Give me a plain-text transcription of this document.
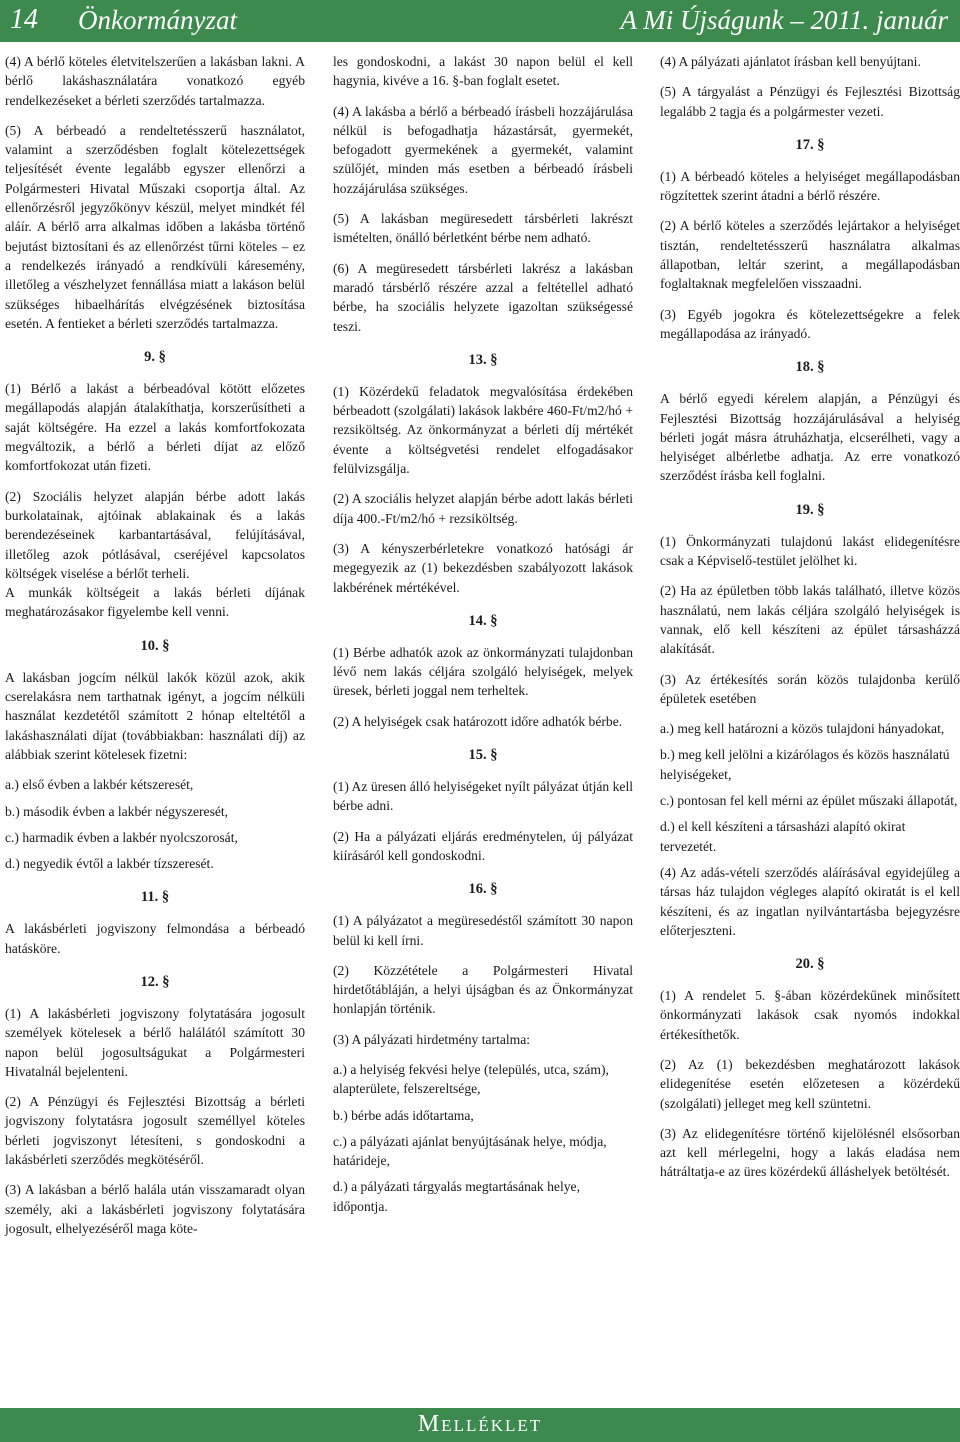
14 Önkormányzat	A Mi Újságunk – 2011. január

(4) A bérlő köteles életvitelszerűen a lakásban lakni. A bérlő lakáshasználatára vonatkozó egyéb rendelkezéseket a bérleti szerződés tartalmazza.

(5) A bérbeadó a rendeltetésszerű használatot, valamint a szerződésben foglalt kötelezettségek teljesítését évente legalább egyszer ellenőrzi a Polgármesteri Hivatal Műszaki csoportja által. Az ellenőrzésről jegyzőkönyv készül, melyet mindkét fél aláír. A bérlő arra alkalmas időben a lakásba történő bejutást biztosítani és az ellenőrzést tűrni köteles ‒ ez a rendelkezés irányadó a rendkívüli káresemény, illetőleg a vészhelyzet fennállása miatt a lakáson belül szükséges hibaelhárítás elvégzésének biztosítása esetén. A fentieket a bérleti szerződés tartalmazza.

9. §

(1) Bérlő a lakást a bérbeadóval kötött előzetes megállapodás alapján átalakíthatja, korszerűsítheti a saját költségére. Ha ezzel a lakás komfortfokozata megváltozik, a bérlő a bérleti díjat az előző komfortfokozat után fizeti.

(2) Szociális helyzet alapján bérbe adott lakás burkolatainak, ajtóinak ablakainak és a lakás berendezéseinek karbantartásával, felújításával, illetőleg azok pótlásával, cseréjével kapcsolatos költségek viselése a bérlőt terheli.

A munkák költségeit a lakás bérleti díjának meghatározásakor figyelembe kell venni.

10. §

A lakásban jogcím nélkül lakók közül azok, akik cserelakásra nem tarthatnak igényt, a jogcím nélküli használat kezdetétől számított 2 hónap elteltétől a lakáshasználati díjat (továbbiakban: használati díj) az alábbiak szerint kötelesek fizetni:

a.) első évben a lakbér kétszeresét,

b.) második évben a lakbér négyszeresét,

c.) harmadik évben a lakbér nyolcszorosát,

d.) negyedik évtől a lakbér tízszeresét.

11. §

A lakásbérleti jogviszony felmondása a bérbeadó hatásköre.

12. §

(1) A lakásbérleti jogviszony folytatására jogosult személyek kötelesek a bérlő halálától számított 30 napon belül jogosultságukat a Polgármesteri Hivatalnál bejelenteni.

(2) A Pénzügyi és Fejlesztési Bizottság a bérleti jogviszony folytatásra jogosult személlyel köteles bérleti jogviszonyt létesíteni, s gondoskodni a lakásbérleti szerződés megkötéséről.

(3) A lakásban a bérlő halála után visszamaradt olyan személy, aki a lakásbérleti jogviszony folytatására jogosult, elhelyezéséről maga köte-

les gondoskodni, a lakást 30 napon belül el kell hagynia, kivéve a 16. §-ban foglalt esetet.

(4) A lakásba a bérlő a bérbeadó írásbeli hozzájárulása nélkül is befogadhatja házastársát, gyermekét, befogadott gyermekének a gyermekét, valamint szülőjét, minden más esetben a bérbeadó írásbeli hozzájárulása szükséges.

(5) A lakásban megüresedett társbérleti lakrészt ismételten, önálló bérletként bérbe nem adható.

(6) A megüresedett társbérleti lakrész a lakásban maradó társbérlő részére azzal a feltétellel adható bérbe, ha szociális helyzete igazoltan szükségessé teszi.

13. §

(1) Közérdekű feladatok megvalósítása érdekében bérbeadott (szolgálati) lakások lakbére 460-Ft/m2/hó + rezsiköltség. Az önkormányzat a bérleti díj mértékét évente a költségvetési rendelet elfogadásakor felülvizsgálja.

(2) A szociális helyzet alapján bérbe adott lakás bérleti díja 400.-Ft/m2/hó + rezsiköltség.

(3) A kényszerbérletekre vonatkozó hatósági ár megegyezik az (1) bekezdésben szabályozott lakások lakbérének mértékével.

14. §

(1) Bérbe adhatók azok az önkormányzati tulajdonban lévő nem lakás céljára szolgáló helyiségek, melyek üresek, bérleti joggal nem terheltek.

(2) A helyiségek csak határozott időre adhatók bérbe.

15. §

(1) Az üresen álló helyiségeket nyílt pályázat útján kell bérbe adni.

(2) Ha a pályázati eljárás eredménytelen, új pályázat kiírásáról kell gondoskodni.

16. §

(1) A pályázatot a megüresedéstől számított 30 napon belül ki kell írni.

(2) Közzététele a Polgármesteri Hivatal hirdetőtábláján, a helyi újságban és az Önkormányzat honlapján történik.

(3) A pályázati hirdetmény tartalma:

a.) a helyiség fekvési helye (település, utca, szám), alapterülete, felszereltsége,

b.) bérbe adás időtartama,

c.) a pályázati ajánlat benyújtásának helye, módja, határideje,

d.) a pályázati tárgyalás megtartásának helye, időpontja.

(4) A pályázati ajánlatot írásban kell benyújtani.

(5) A tárgyalást a Pénzügyi és Fejlesztési Bizottság legalább 2 tagja és a polgármester vezeti.

17. §

(1) A bérbeadó köteles a helyiséget megállapodásban rögzítettek szerint átadni a bérlő részére.

(2) A bérlő köteles a szerződés lejártakor a helyiséget tisztán, rendeltetésszerű használatra alkalmas állapotban, leltár szerint, a megállapodásban foglaltaknak megfelelően visszaadni.

(3) Egyéb jogokra és kötelezettségekre a felek megállapodása az irányadó.

18. §

A bérlő egyedi kérelem alapján, a Pénzügyi és Fejlesztési Bizottság hozzájárulásával a helyiség bérleti jogát másra átruházhatja, elcserélheti, vagy a helyiséget albérletbe adhatja. Az erre vonatkozó szerződést írásba kell foglalni.

19. §

(1) Önkormányzati tulajdonú lakást elidegenítésre csak a Képviselő-testület jelölhet ki.

(2) Ha az épületben több lakás található, illetve közös használatú, nem lakás céljára szolgáló helyiségek is vannak, elő kell készíteni az épület társasházzá alakítását.

(3) Az értékesítés során közös tulajdonba kerülő épületek esetében

a.) meg kell határozni a közös tulajdoni hányadokat,

b.) meg kell jelölni a kizárólagos és közös használatú helyiségeket,

c.) pontosan fel kell mérni az épület műszaki állapotát,

d.) el kell készíteni a társasházi alapító okirat tervezetét.

(4) Az adás-vételi szerződés aláírásával egyidejűleg a társas ház tulajdon végleges alapító okiratát is el kell készíteni, és az ingatlan nyilvántartásba bejegyzésre előterjeszteni.

20. §

(1) A rendelet 5. §-ában közérdekűnek minősített önkormányzati lakások csak nyomós indokkal értékesíthetők.

(2) Az (1) bekezdésben meghatározott lakások elidegenítése esetén előzetesen a közérdekű (szolgálati) jelleget meg kell szüntetni.

(3) Az elidegenítésre történő kijelölésnél elsősorban azt kell mérlegelni, hogy a lakás eladása nem hátráltatja-e az üres közérdekű álláshelyek betöltését.

Melléklet
